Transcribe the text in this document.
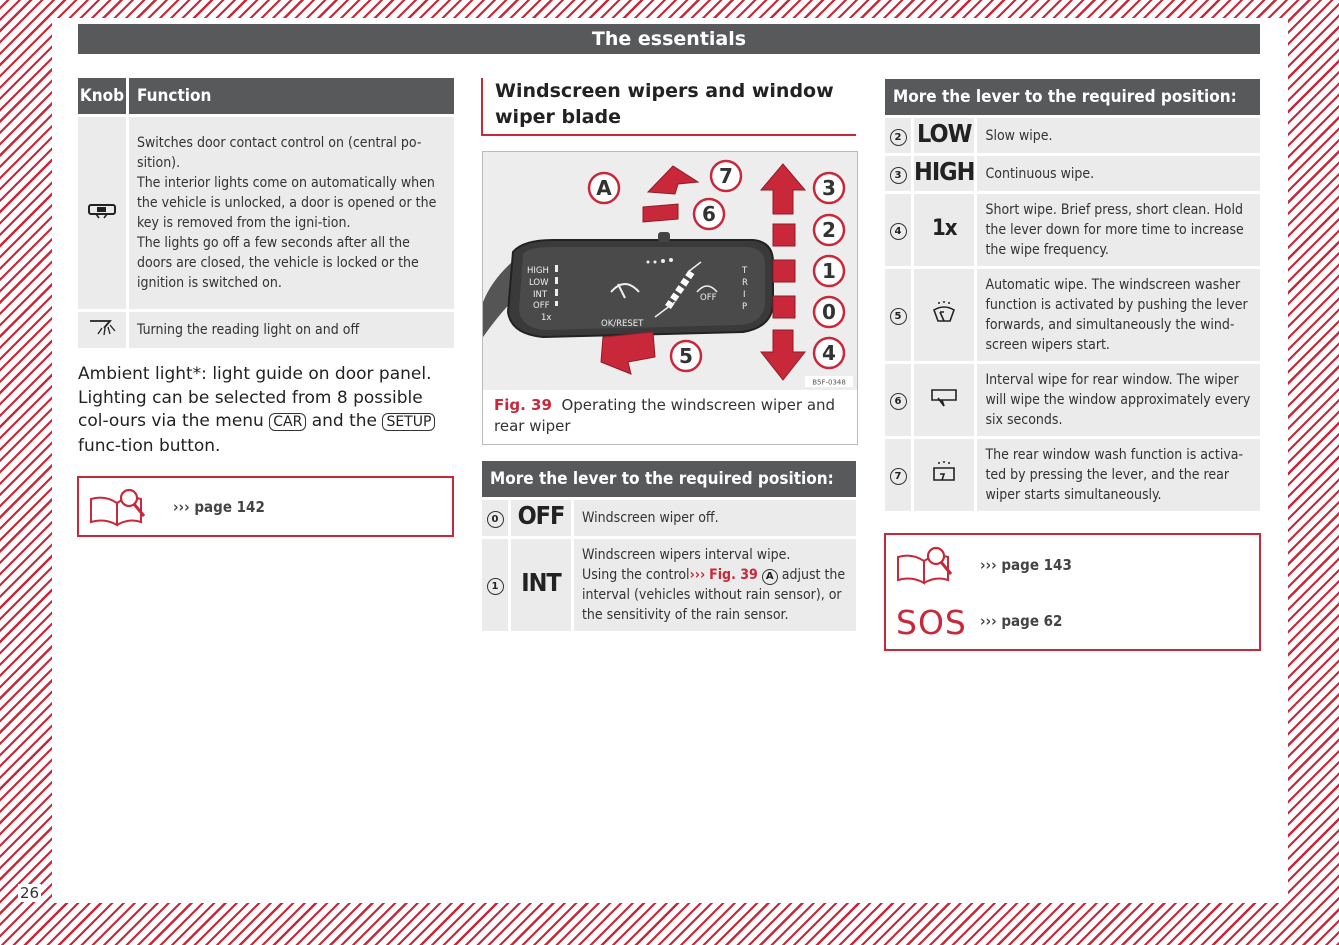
The essentials
Knob	Function
	Switches door contact control on (central po-sition).
The interior lights come on automatically when the vehicle is unlocked, a door is opened or the key is removed from the igni-tion.
The lights go off a few seconds after all the doors are closed, the vehicle is locked or the ignition is switched on.
	Turning the reading light on and off
Ambient light*: light guide on door panel.
Lighting can be selected from 8 possible col-ours via the menu CAR and the SETUP func-tion button.
››› page 142
Windscreen wipers and window wiper blade
HIGH
LOW
INT
OFF
1x
OFF
OK/RESET
T
R
I
P
A	7
6
3
2
1
0
4
5
B5F-0348
Fig. 39 Operating the windscreen wiper and rear wiper
More the lever to the required position:		
0	OFF	Windscreen wiper off.
1	INT	Windscreen wipers interval wipe.
Using the control››› Fig. 39 A adjust the interval (vehicles without rain sensor), or the sensitivity of the rain sensor.
More the lever to the required position:		
2	LOW	Slow wipe.
3	HIGH	Continuous wipe.
4	1x	Short wipe. Brief press, short clean. Hold the lever down for more time to increase the wipe frequency.
5		Automatic wipe. The windscreen washer function is activated by pushing the lever forwards, and simultaneously the wind-screen wipers start.
6		Interval wipe for rear window. The wiper will wipe the window approximately every six seconds.
7		The rear window wash function is activa-ted by pressing the lever, and the rear wiper starts simultaneously.
››› page 143
SOS ››› page 62
26
